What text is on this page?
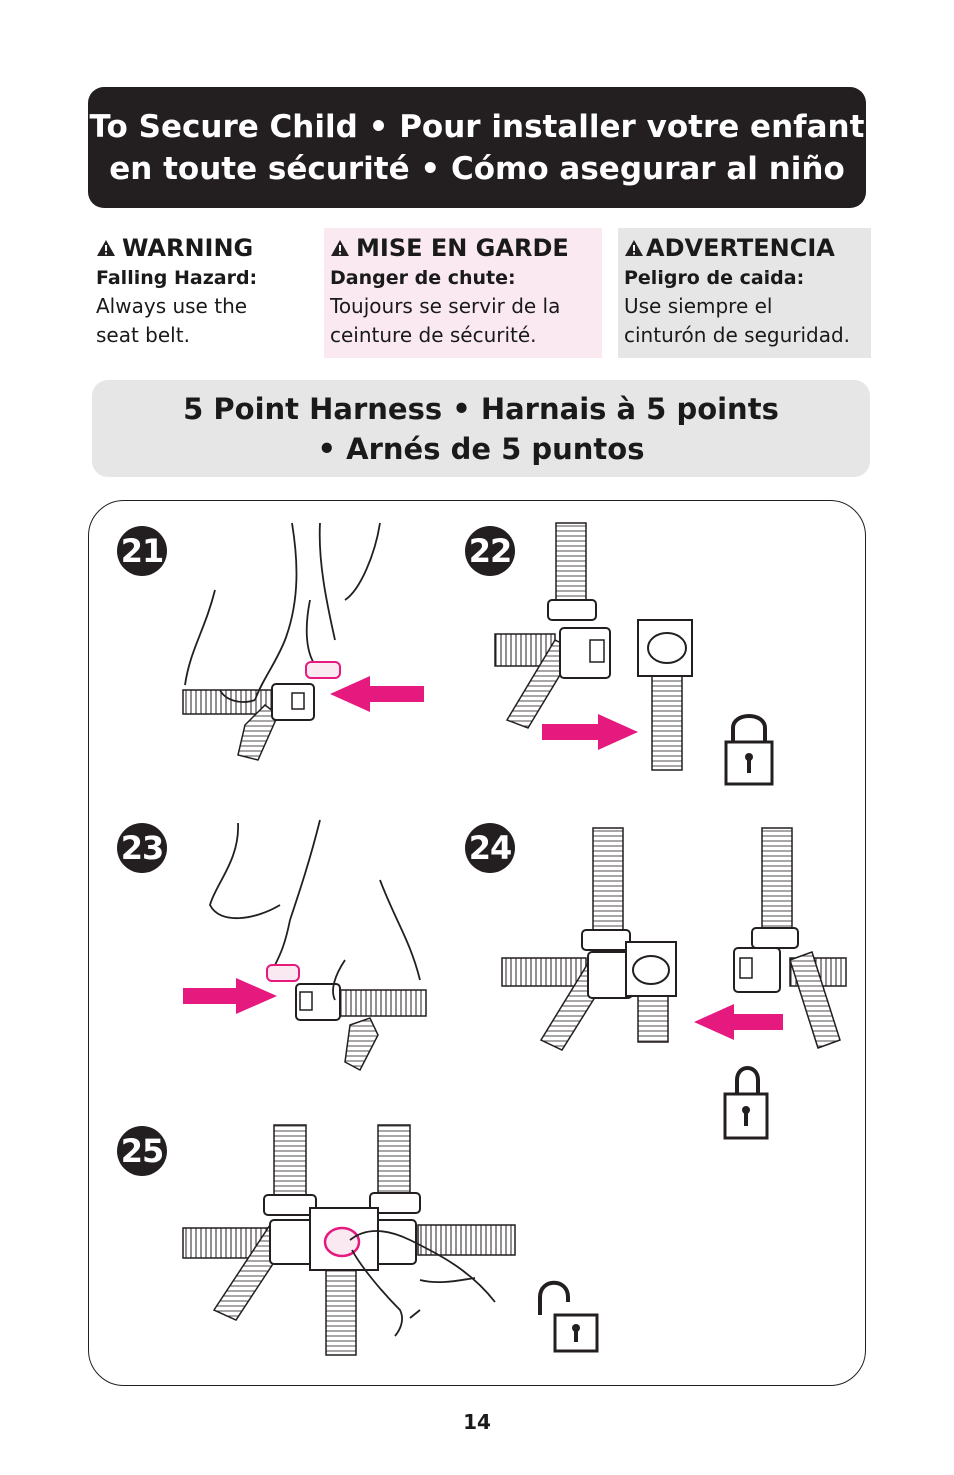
To Secure Child • Pour installer votre enfant
en toute sécurité • Cómo asegurar al niño
WARNING
Falling Hazard:
Always use the
seat belt.
MISE EN GARDE
Danger de chute:
Toujours se servir de la
ceinture de sécurité.
ADVERTENCIA
Peligro de caida:
Use siempre el
cinturón de seguridad.
5 Point Harness • Harnais à 5 points
• Arnés de 5 puntos
21	22
23	24
25
14
